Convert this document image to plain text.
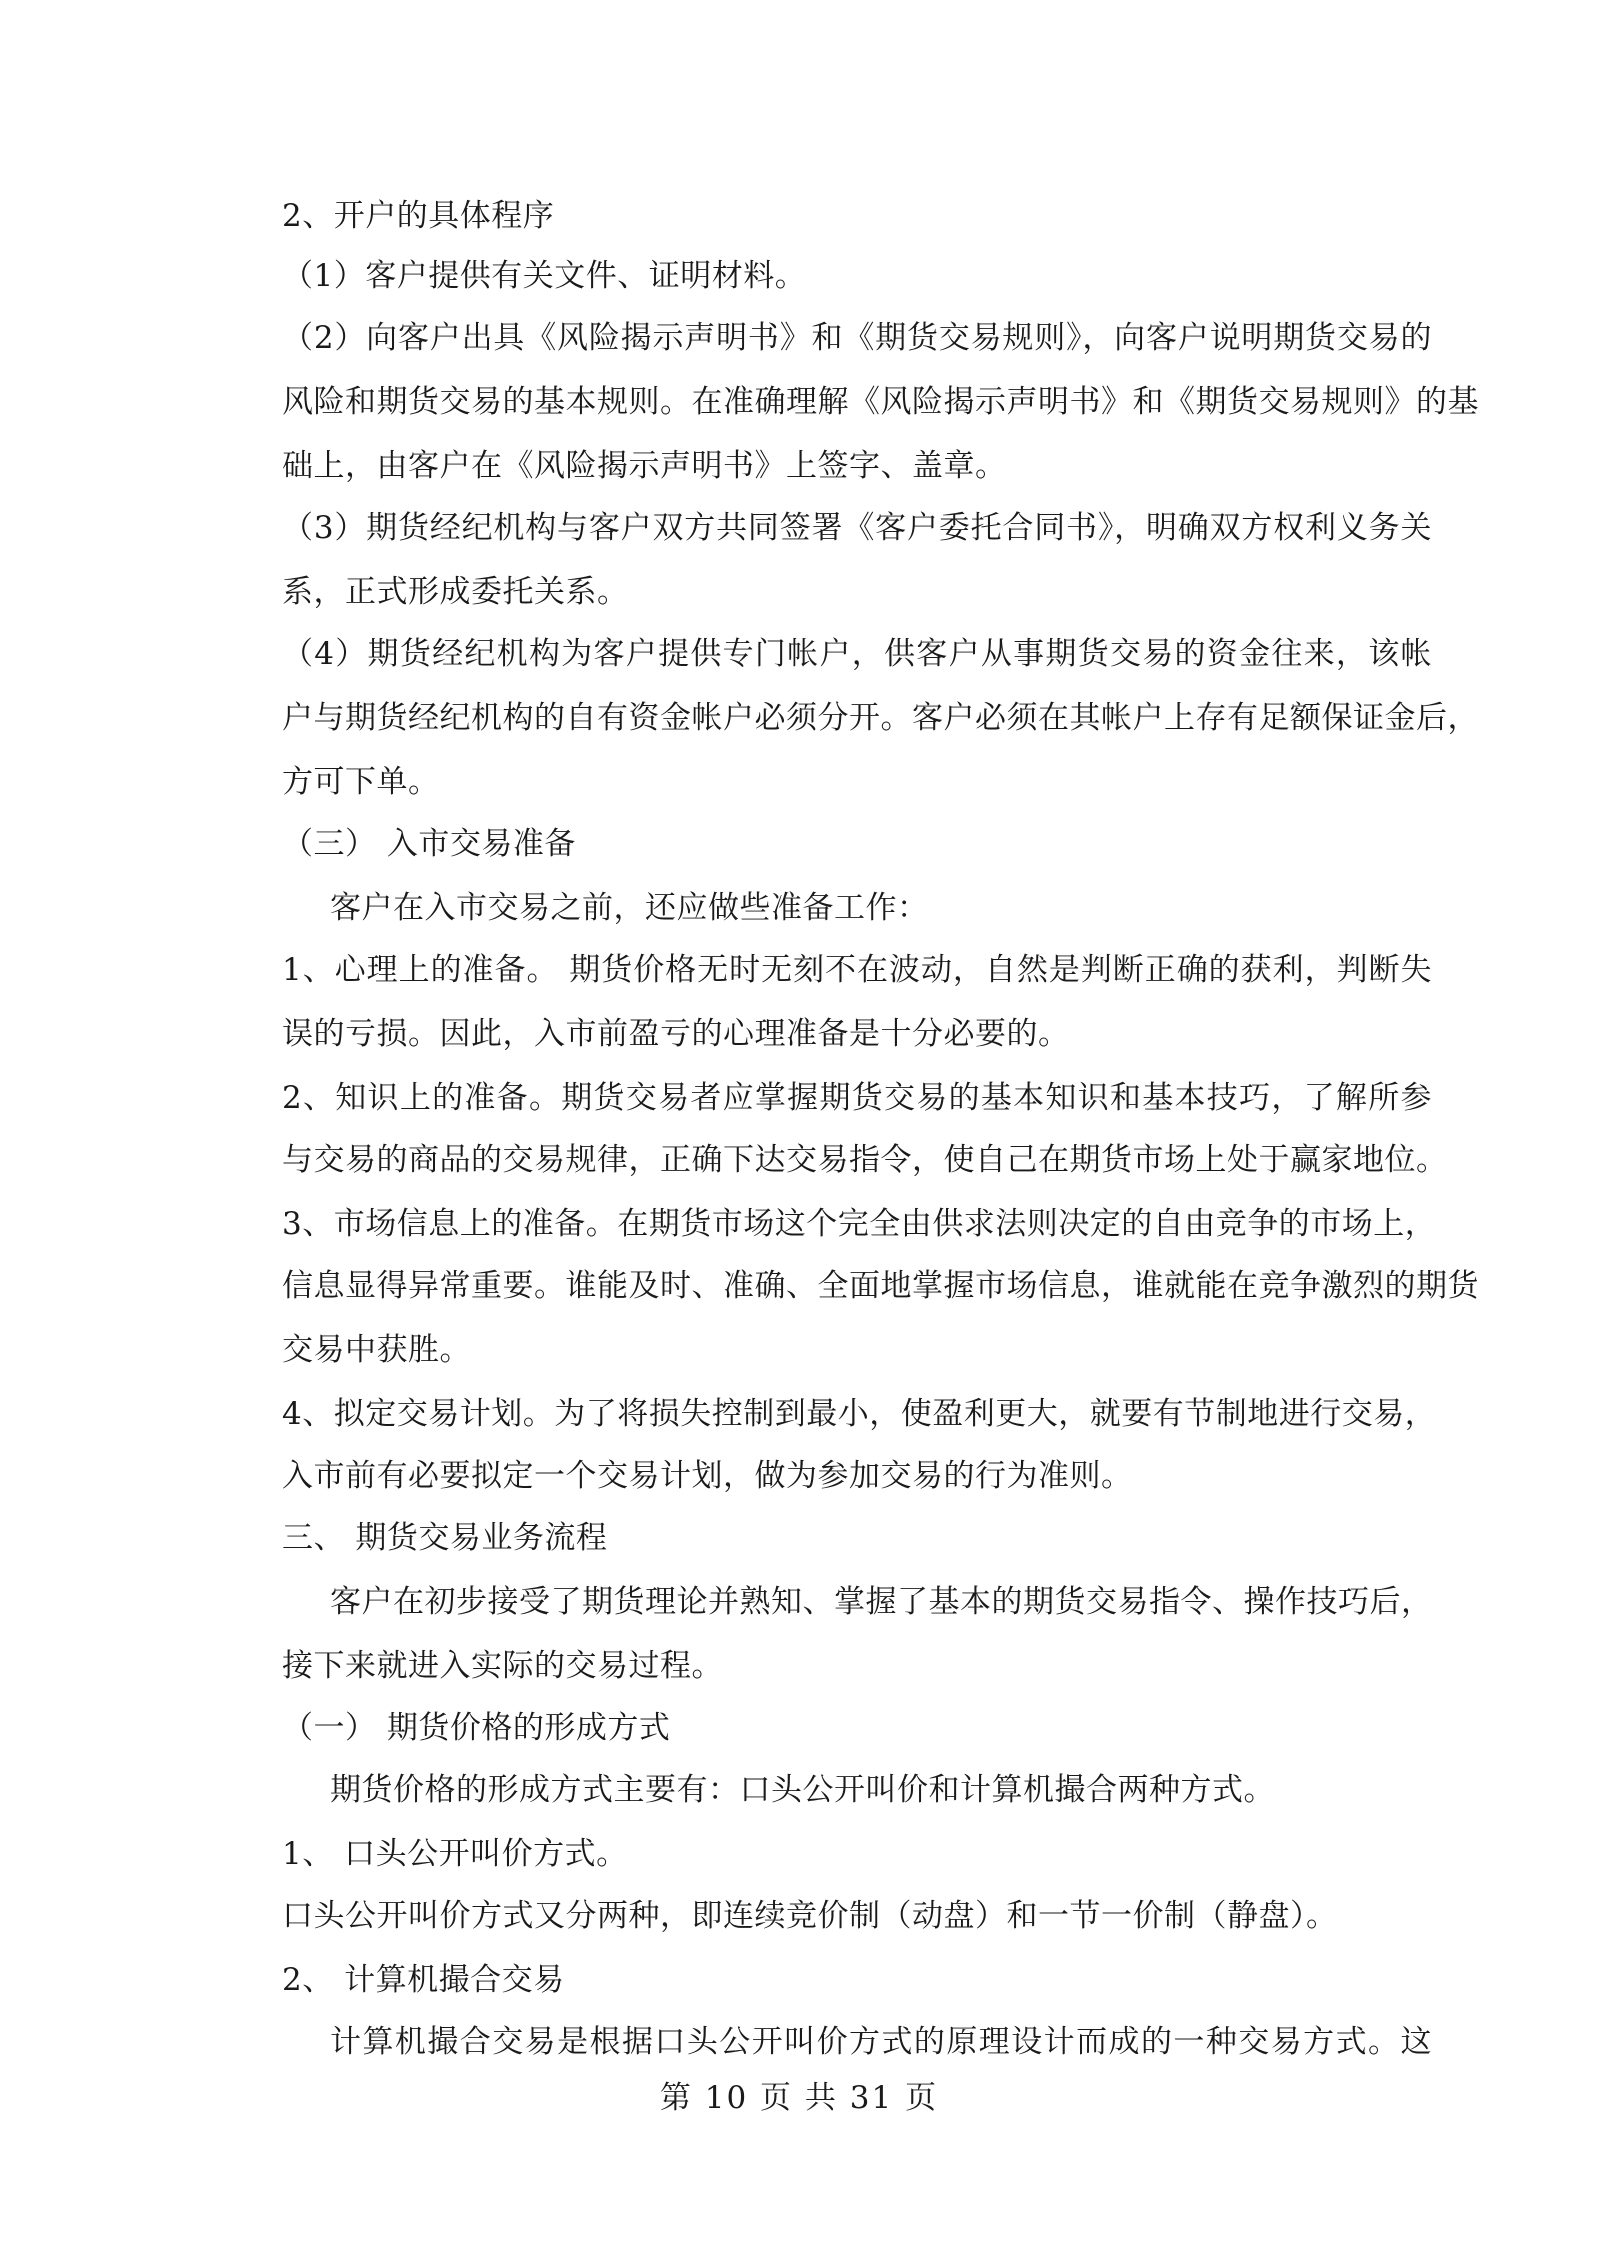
2、开户的具体程序
（1）客户提供有关文件、证明材料。
（2）向客户出具《风险揭示声明书》和《期货交易规则》，向客户说明期货交易的
风险和期货交易的基本规则。在准确理解《风险揭示声明书》和《期货交易规则》的基
础上，由客户在《风险揭示声明书》上签字、盖章。
（3）期货经纪机构与客户双方共同签署《客户委托合同书》，明确双方权利义务关
系，正式形成委托关系。
（4）期货经纪机构为客户提供专门帐户，供客户从事期货交易的资金往来，该帐
户与期货经纪机构的自有资金帐户必须分开。客户必须在其帐户上存有足额保证金后，
方可下单。
（三） 入市交易准备
客户在入市交易之前，还应做些准备工作：
1、心理上的准备。 期货价格无时无刻不在波动，自然是判断正确的获利，判断失
误的亏损。因此，入市前盈亏的心理准备是十分必要的。
2、知识上的准备。期货交易者应掌握期货交易的基本知识和基本技巧，了解所参
与交易的商品的交易规律，正确下达交易指令，使自己在期货市场上处于赢家地位。
3、市场信息上的准备。在期货市场这个完全由供求法则决定的自由竞争的市场上，
信息显得异常重要。谁能及时、准确、全面地掌握市场信息，谁就能在竞争激烈的期货
交易中获胜。
4、拟定交易计划。为了将损失控制到最小，使盈利更大，就要有节制地进行交易，
入市前有必要拟定一个交易计划，做为参加交易的行为准则。
三、 期货交易业务流程
客户在初步接受了期货理论并熟知、掌握了基本的期货交易指令、操作技巧后，
接下来就进入实际的交易过程。
（一） 期货价格的形成方式
期货价格的形成方式主要有：口头公开叫价和计算机撮合两种方式。
1、 口头公开叫价方式。
口头公开叫价方式又分两种，即连续竞价制（动盘）和一节一价制（静盘）。
2、 计算机撮合交易
计算机撮合交易是根据口头公开叫价方式的原理设计而成的一种交易方式。这
第 10 页 共 31 页
